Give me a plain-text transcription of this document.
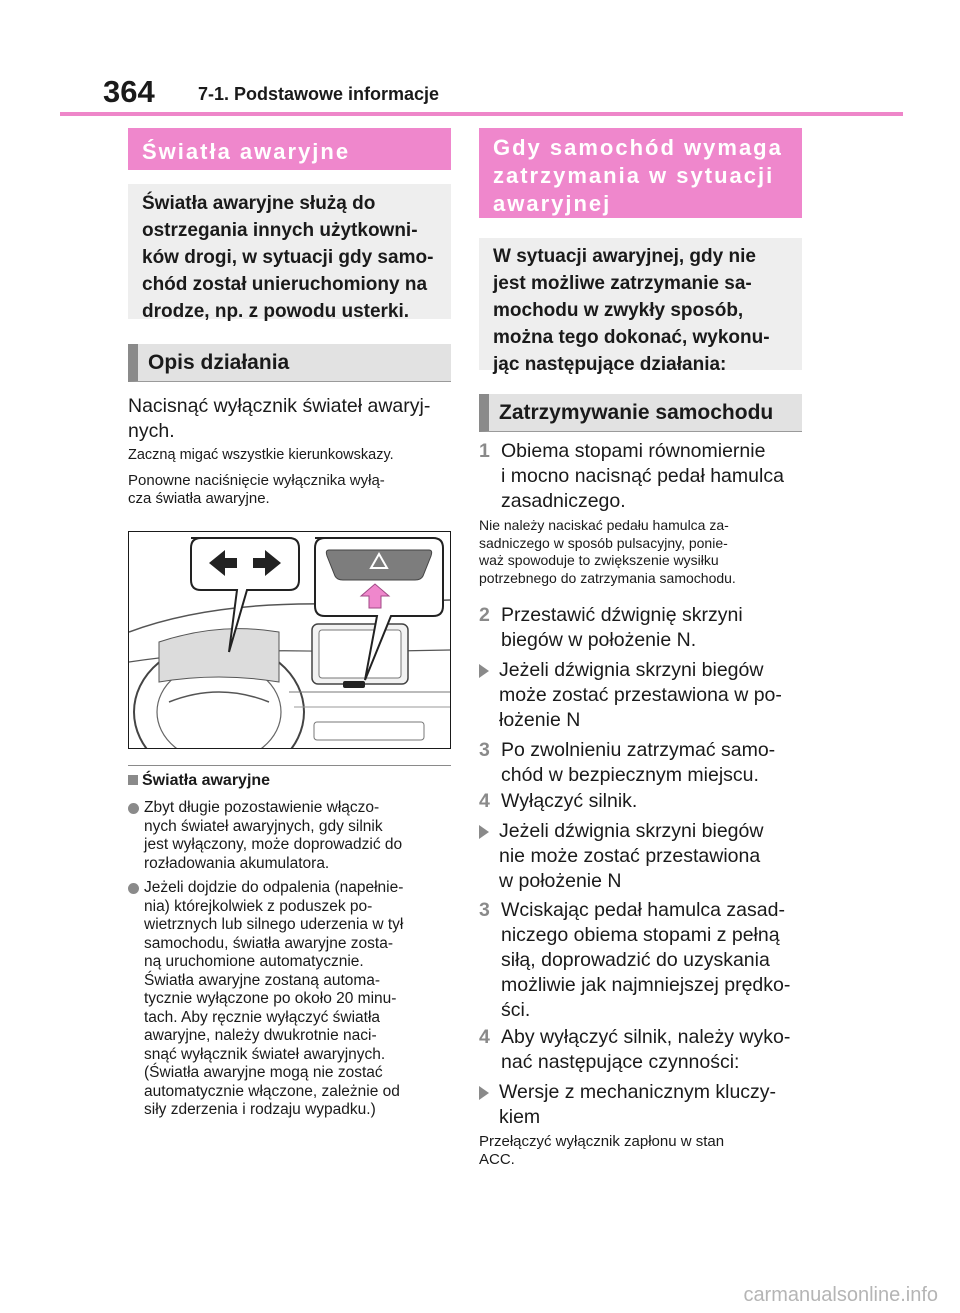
364 7-1. Podstawowe informacje
Światła awaryjne
Światła awaryjne służą do
ostrzegania innych użytkowni-
ków drogi, w sytuacji gdy samo-
chód został unieruchomiony na
drodze, np. z powodu usterki.
Opis działania
Nacisnąć wyłącznik świateł awaryj-
nych.
Zaczną migać wszystkie kierunkowskazy.
Ponowne naciśnięcie wyłącznika wyłą-
cza światła awaryjne.
Światła awaryjne
Zbyt długie pozostawienie włączo-
nych świateł awaryjnych, gdy silnik
jest wyłączony, może doprowadzić do
rozładowania akumulatora.
Jeżeli dojdzie do odpalenia (napełnie-
nia) którejkolwiek z poduszek po-
wietrznych lub silnego uderzenia w tył
samochodu, światła awaryjne zosta-
ną uruchomione automatycznie.
Światła awaryjne zostaną automa-
tycznie wyłączone po około 20 minu-
tach. Aby ręcznie wyłączyć światła
awaryjne, należy dwukrotnie naci-
snąć wyłącznik świateł awaryjnych.
(Światła awaryjne mogą nie zostać
automatycznie włączone, zależnie od
siły zderzenia i rodzaju wypadku.)
Gdy samochód wymaga
zatrzymania w sytuacji
awaryjnej
W sytuacji awaryjnej, gdy nie
jest możliwe zatrzymanie sa-
mochodu w zwykły sposób,
można tego dokonać, wykonu-
jąc następujące działania:
Zatrzymywanie samochodu
1 Obiema stopami równomiernie
i mocno nacisnąć pedał hamulca
zasadniczego.
Nie należy naciskać pedału hamulca za-
sadniczego w sposób pulsacyjny, ponie-
waż spowoduje to zwiększenie wysiłku
potrzebnego do zatrzymania samochodu.
2 Przestawić dźwignię skrzyni
biegów w położenie N.
Jeżeli dźwignia skrzyni biegów
może zostać przestawiona w po-
łożenie N
3 Po zwolnieniu zatrzymać samo-
chód w bezpiecznym miejscu.
4 Wyłączyć silnik.
Jeżeli dźwignia skrzyni biegów
nie może zostać przestawiona
w położenie N
3 Wciskając pedał hamulca zasad-
niczego obiema stopami z pełną
siłą, doprowadzić do uzyskania
możliwie jak najmniejszej prędko-
ści.
4 Aby wyłączyć silnik, należy wyko-
nać następujące czynności:
Wersje z mechanicznym kluczy-
kiem
Przełączyć wyłącznik zapłonu w stan
ACC.
carmanualsonline.info
